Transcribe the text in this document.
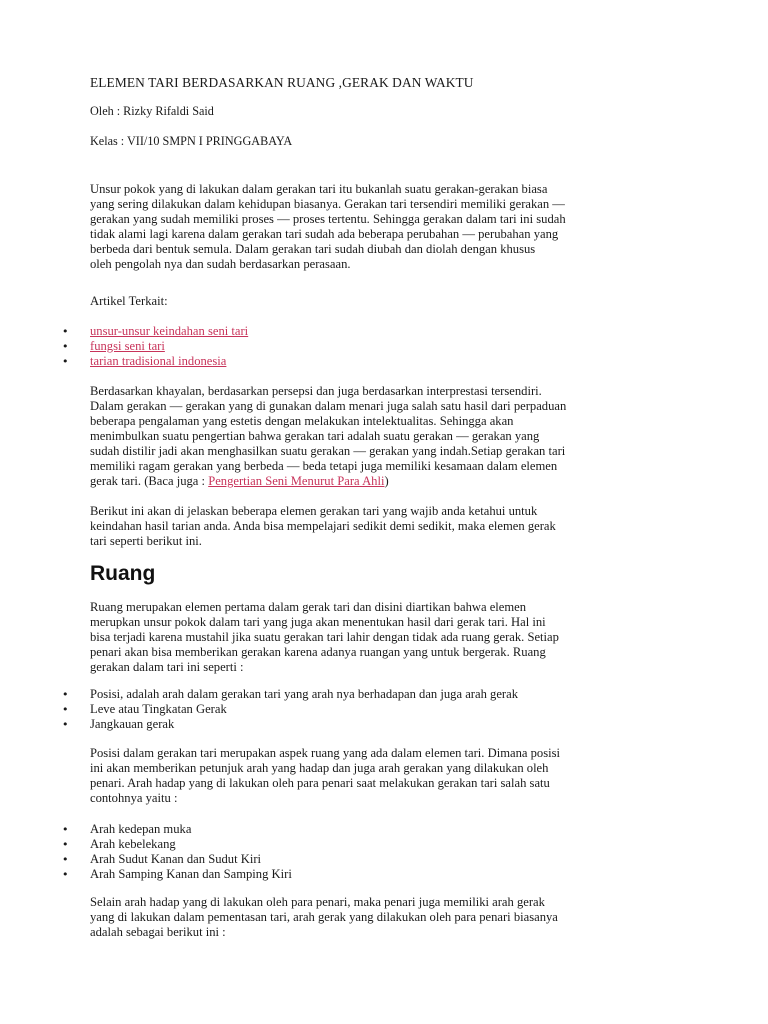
ELEMEN TARI BERDASARKAN RUANG ,GERAK DAN WAKTU

Oleh : Rizky Rifaldi Said

Kelas : VII/10 SMPN I PRINGGABAYA

Unsur pokok yang di lakukan dalam gerakan tari itu bukanlah suatu gerakan-gerakan biasa
yang sering dilakukan dalam kehidupan biasanya. Gerakan tari tersendiri memiliki gerakan —
gerakan yang sudah memiliki proses — proses tertentu. Sehingga gerakan dalam tari ini sudah
tidak alami lagi karena dalam gerakan tari sudah ada beberapa perubahan — perubahan yang
berbeda dari bentuk semula. Dalam gerakan tari sudah diubah dan diolah dengan khusus
oleh pengolah nya dan sudah berdasarkan perasaan.

Artikel Terkait:

• unsur-unsur keindahan seni tari
• fungsi seni tari
• tarian tradisional indonesia
Berdasarkan khayalan, berdasarkan persepsi dan juga berdasarkan interprestasi tersendiri.
Dalam gerakan — gerakan yang di gunakan dalam menari juga salah satu hasil dari perpaduan
beberapa pengalaman yang estetis dengan melakukan intelektualitas. Sehingga akan
menimbulkan suatu pengertian bahwa gerakan tari adalah suatu gerakan — gerakan yang
sudah distilir jadi akan menghasilkan suatu gerakan — gerakan yang indah.Setiap gerakan tari
memiliki ragam gerakan yang berbeda — beda tetapi juga memiliki kesamaan dalam elemen
gerak tari. (Baca juga : Pengertian Seni Menurut Para Ahli)
Berikut ini akan di jelaskan beberapa elemen gerakan tari yang wajib anda ketahui untuk
keindahan hasil tarian anda. Anda bisa mempelajari sedikit demi sedikit, maka elemen gerak
tari seperti berikut ini.
Ruang
Ruang merupakan elemen pertama dalam gerak tari dan disini diartikan bahwa elemen
merupkan unsur pokok dalam tari yang juga akan menentukan hasil dari gerak tari. Hal ini
bisa terjadi karena mustahil jika suatu gerakan tari lahir dengan tidak ada ruang gerak. Setiap
penari akan bisa memberikan gerakan karena adanya ruangan yang untuk bergerak. Ruang
gerakan dalam tari ini seperti :
• Posisi, adalah arah dalam gerakan tari yang arah nya berhadapan dan juga arah gerak
• Leve atau Tingkatan Gerak
• Jangkauan gerak
Posisi dalam gerakan tari merupakan aspek ruang yang ada dalam elemen tari. Dimana posisi
ini akan memberikan petunjuk arah yang hadap dan juga arah gerakan yang dilakukan oleh
penari. Arah hadap yang di lakukan oleh para penari saat melakukan gerakan tari salah satu
contohnya yaitu :
• Arah kedepan muka
• Arah kebelekang
• Arah Sudut Kanan dan Sudut Kiri
• Arah Samping Kanan dan Samping Kiri
Selain arah hadap yang di lakukan oleh para penari, maka penari juga memiliki arah gerak
yang di lakukan dalam pementasan tari, arah gerak yang dilakukan oleh para penari biasanya
adalah sebagai berikut ini :
